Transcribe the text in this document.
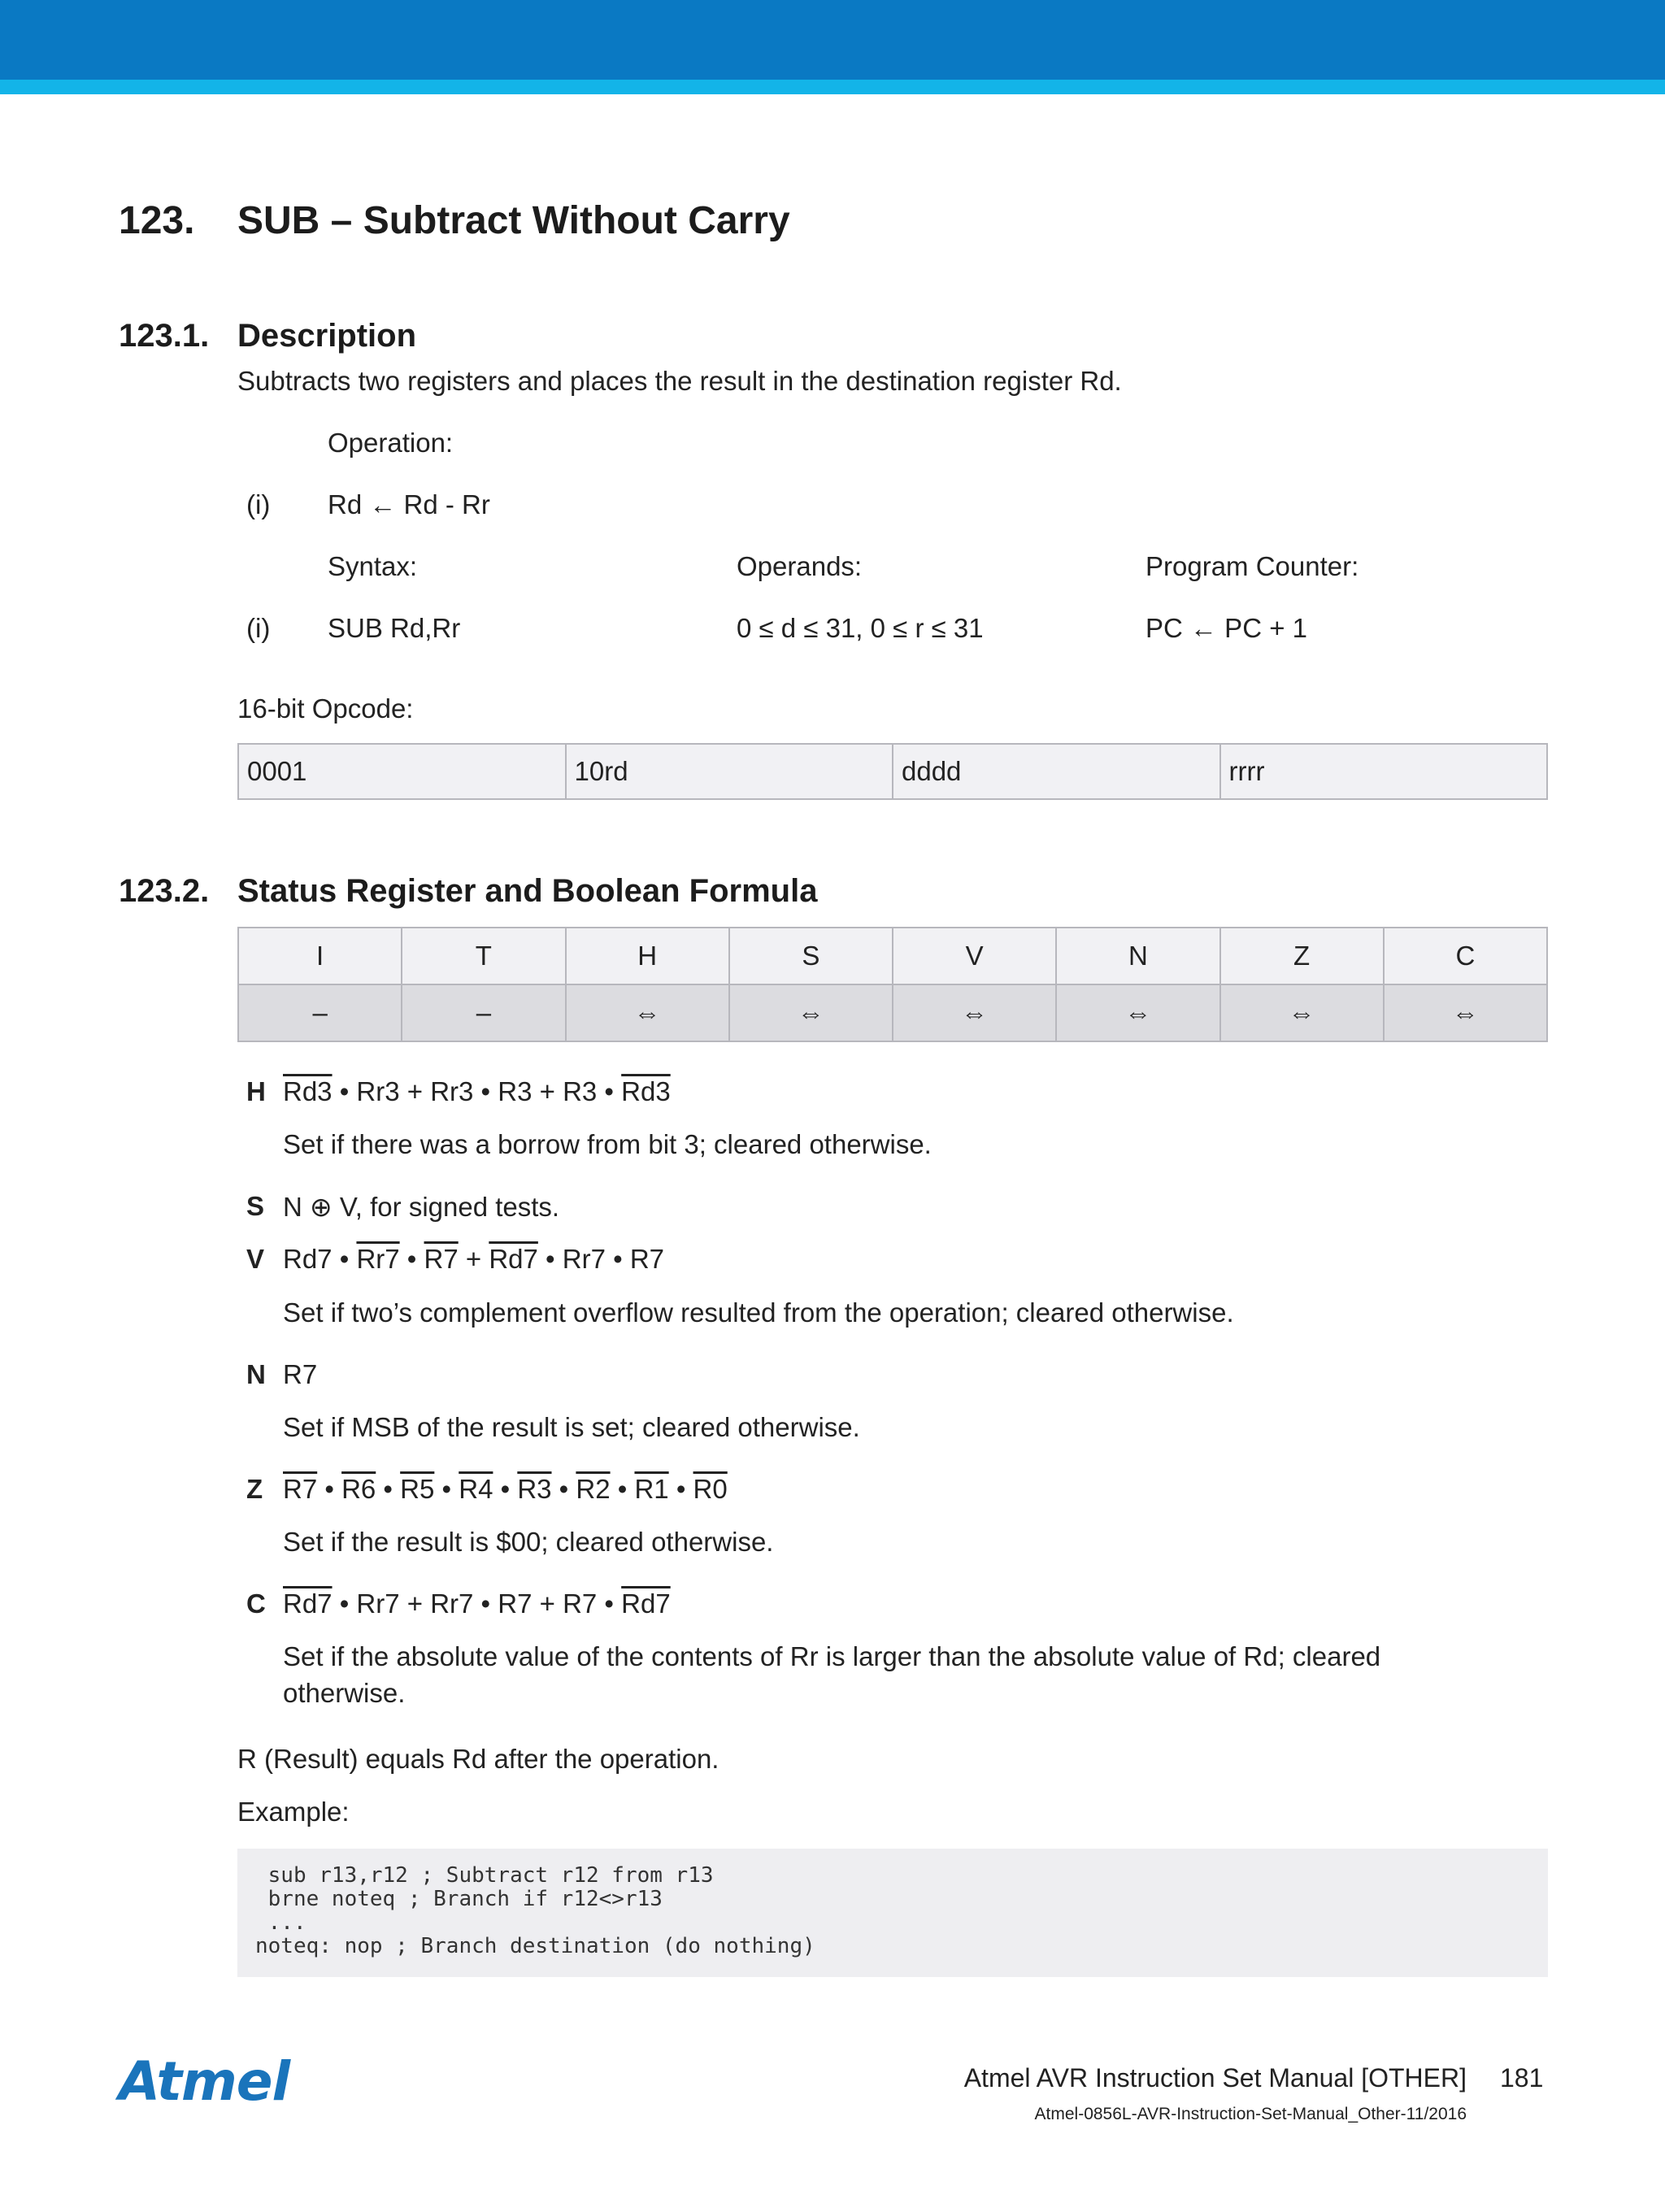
123. SUB – Subtract Without Carry
123.1. Description
Subtracts two registers and places the result in the destination register Rd.
Operation:
(i) Rd ← Rd - Rr
Syntax:	Operands:	Program Counter:
(i) SUB Rd,Rr	0 ≤ d ≤ 31, 0 ≤ r ≤ 31	PC ← PC + 1
16-bit Opcode:
0001	10rd	dddd	rrrr
123.2. Status Register and Boolean Formula
I	T	H	S	V	N	Z	C
–	–	⇔	⇔	⇔	⇔	⇔	⇔
H Rd3 • Rr3 + Rr3 • R3 + R3 • Rd3
Set if there was a borrow from bit 3; cleared otherwise.
S N ⊕ V, for signed tests.
V Rd7 • Rr7 • R7 + Rd7 • Rr7 • R7
Set if two’s complement overflow resulted from the operation; cleared otherwise.
N R7
Set if MSB of the result is set; cleared otherwise.
Z R7 • R6 • R5 • R4 • R3 • R2 • R1 • R0
Set if the result is $00; cleared otherwise.
C Rd7 • Rr7 + Rr7 • R7 + R7 • Rd7
Set if the absolute value of the contents of Rr is larger than the absolute value of Rd; cleared
otherwise.
R (Result) equals Rd after the operation.
Example:
sub r13,r12 ; Subtract r12 from r13
brne noteq ; Branch if r12<>r13
...
noteq: nop ; Branch destination (do nothing)
Atmel	Atmel AVR Instruction Set Manual [OTHER] 181
Atmel-0856L-AVR-Instruction-Set-Manual_Other-11/2016
